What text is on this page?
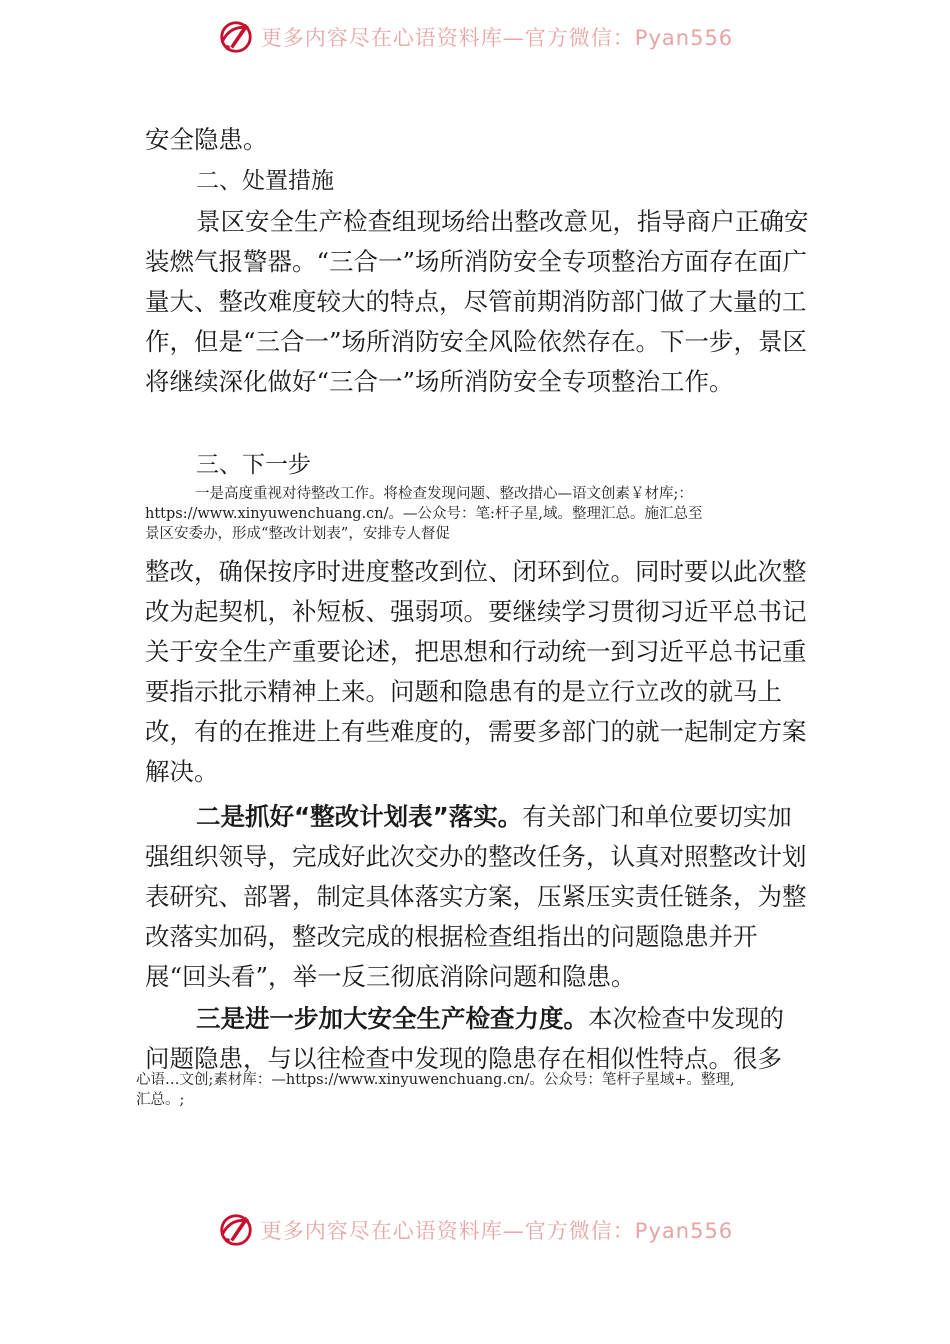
更多内容尽在心语资料库—官方微信：Pyan556

安全隐患。

二、处置措施

景区安全生产检查组现场给出整改意见，指导商户正确安装燃气报警器。“三合一”场所消防安全专项整治方面存在面广量大、整改难度较大的特点，尽管前期消防部门做了大量的工作，但是“三合一”场所消防安全风险依然存在。下一步，景区将继续深化做好“三合一”场所消防安全专项整治工作。

三、下一步

一是高度重视对待整改工作。将检查发现问题、整改措心—语文创素￥材库;：

https://www.xinyuwenchuang.cn/。—公众号：笔:杆子星,域。整理汇总。施汇总至

景区安委办，形成“整改计划表”，安排专人督促

整改，确保按序时进度整改到位、闭环到位。同时要以此次整改为起契机，补短板、强弱项。要继续学习贯彻习近平总书记关于安全生产重要论述，把思想和行动统一到习近平总书记重要指示批示精神上来。问题和隐患有的是立行立改的就马上改，有的在推进上有些难度的，需要多部门的就一起制定方案解决。

二是抓好“整改计划表”落实。有关部门和单位要切实加强组织领导，完成好此次交办的整改任务，认真对照整改计划表研究、部署，制定具体落实方案，压紧压实责任链条，为整改落实加码，整改完成的根据检查组指出的问题隐患并开展“回头看”，举一反三彻底消除问题和隐患。

三是进一步加大安全生产检查力度。本次检查中发现的

问题隐患，与以往检查中发现的隐患存在相似性特点。很多

心语…文创;素材库：—https://www.xinyuwenchuang.cn/。公众号：笔杆子星域+。整理,

汇总。;

更多内容尽在心语资料库—官方微信：Pyan556
